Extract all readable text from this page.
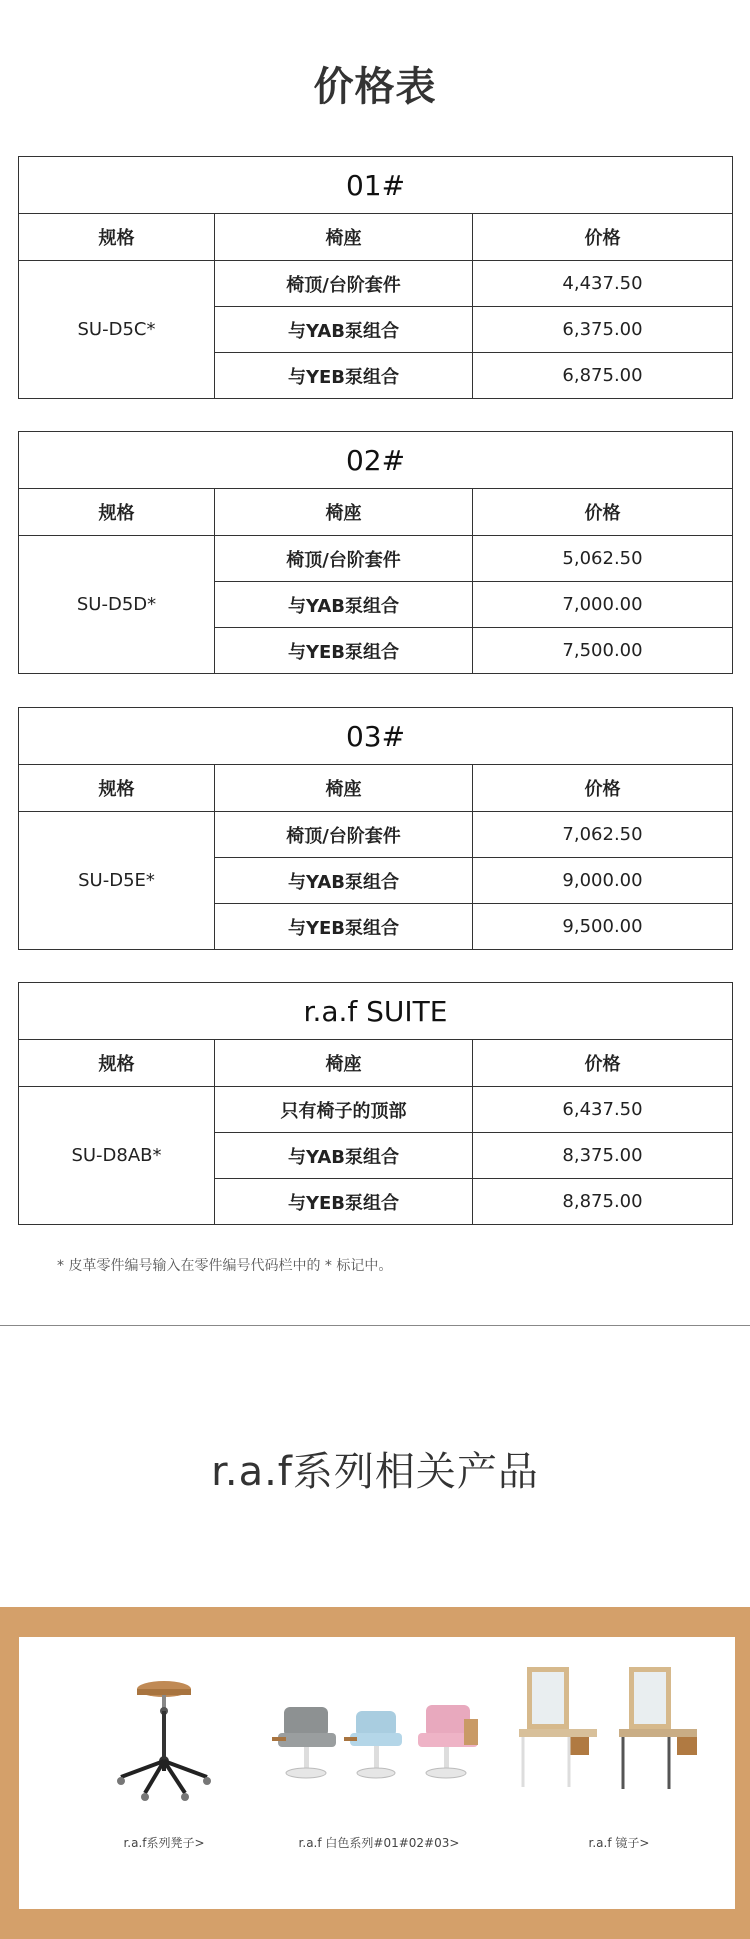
价格表
01#		
规格	椅座	价格
SU-D5C*	椅顶/台阶套件	4,437.50
	与YAB泵组合	6,375.00
	与YEB泵组合	6,875.00
02#		
规格	椅座	价格
SU-D5D*	椅顶/台阶套件	5,062.50
	与YAB泵组合	7,000.00
	与YEB泵组合	7,500.00
03#		
规格	椅座	价格
SU-D5E*	椅顶/台阶套件	7,062.50
	与YAB泵组合	9,000.00
	与YEB泵组合	9,500.00
r.a.f SUITE		
规格	椅座	价格
SU-D8AB*	只有椅子的顶部	6,437.50
	与YAB泵组合	8,375.00
	与YEB泵组合	8,875.00
* 皮革零件编号输入在零件编号代码栏中的 * 标记中。
r.a.f系列相关产品
r.a.f系列凳子>	r.a.f 白色系列#01#02#03>	r.a.f 镜子>
